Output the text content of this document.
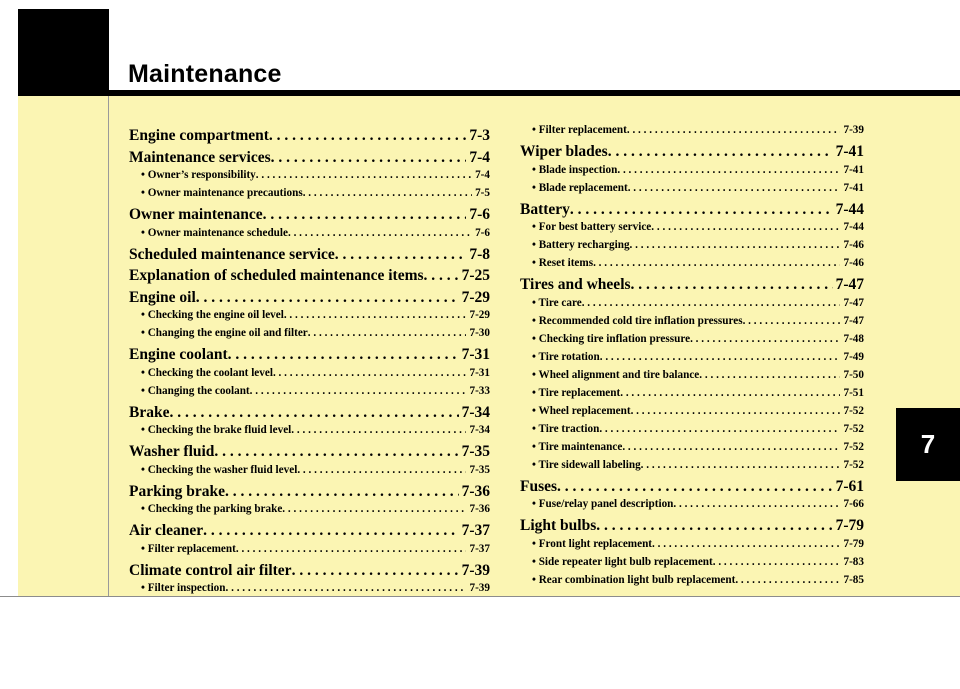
Maintenance
Engine compartment . . .	7-3
Maintenance services . . .	7-4
• Owner’s responsibility . . .	7-4
• Owner maintenance precautions . . .	7-5
Owner maintenance . . .	7-6
• Owner maintenance schedule . . .	7-6
Scheduled maintenance service . . .	7-8
Explanation of scheduled maintenance items . . . 7-25
Engine oil . . .	7-29
• Checking the engine oil level . . .	7-29
• Changing the engine oil and filter . . .	7-30
Engine coolant . . .	7-31
• Checking the coolant level . . .	7-31
• Changing the coolant . . .	7-33
Brake . . .	7-34
• Checking the brake fluid level . . .	7-34
Washer fluid . . .	7-35
• Checking the washer fluid level . . .	7-35
Parking brake . . .	7-36
• Checking the parking brake . . .	7-36
Air cleaner . . .	7-37
• Filter replacement . . .	7-37
Climate control air filter . . .	7-39
• Filter inspection . . .	7-39
• Filter replacement . . .	7-39
Wiper blades . . .	7-41
• Blade inspection . . .	7-41
• Blade replacement . . .	7-41
Battery . . .	7-44
• For best battery service . . .	7-44
• Battery recharging . . .	7-46
• Reset items . . .	7-46
Tires and wheels . . .	7-47
• Tire care . . .	7-47
• Recommended cold tire inflation pressures . . .	7-47
• Checking tire inflation pressure . . .	7-48
• Tire rotation . . .	7-49
• Wheel alignment and tire balance . . .	7-50
• Tire replacement . . .	7-51
• Wheel replacement . . .	7-52
• Tire traction . . .	7-52
• Tire maintenance . . .	7-52
• Tire sidewall labeling . . .	7-52
Fuses . . .	7-61
• Fuse/relay panel description . . .	7-66
Light bulbs . . .	7-79
• Front light replacement . . .	7-79
• Side repeater light bulb replacement . . .	7-83
• Rear combination light bulb replacement . . .	7-85
7
